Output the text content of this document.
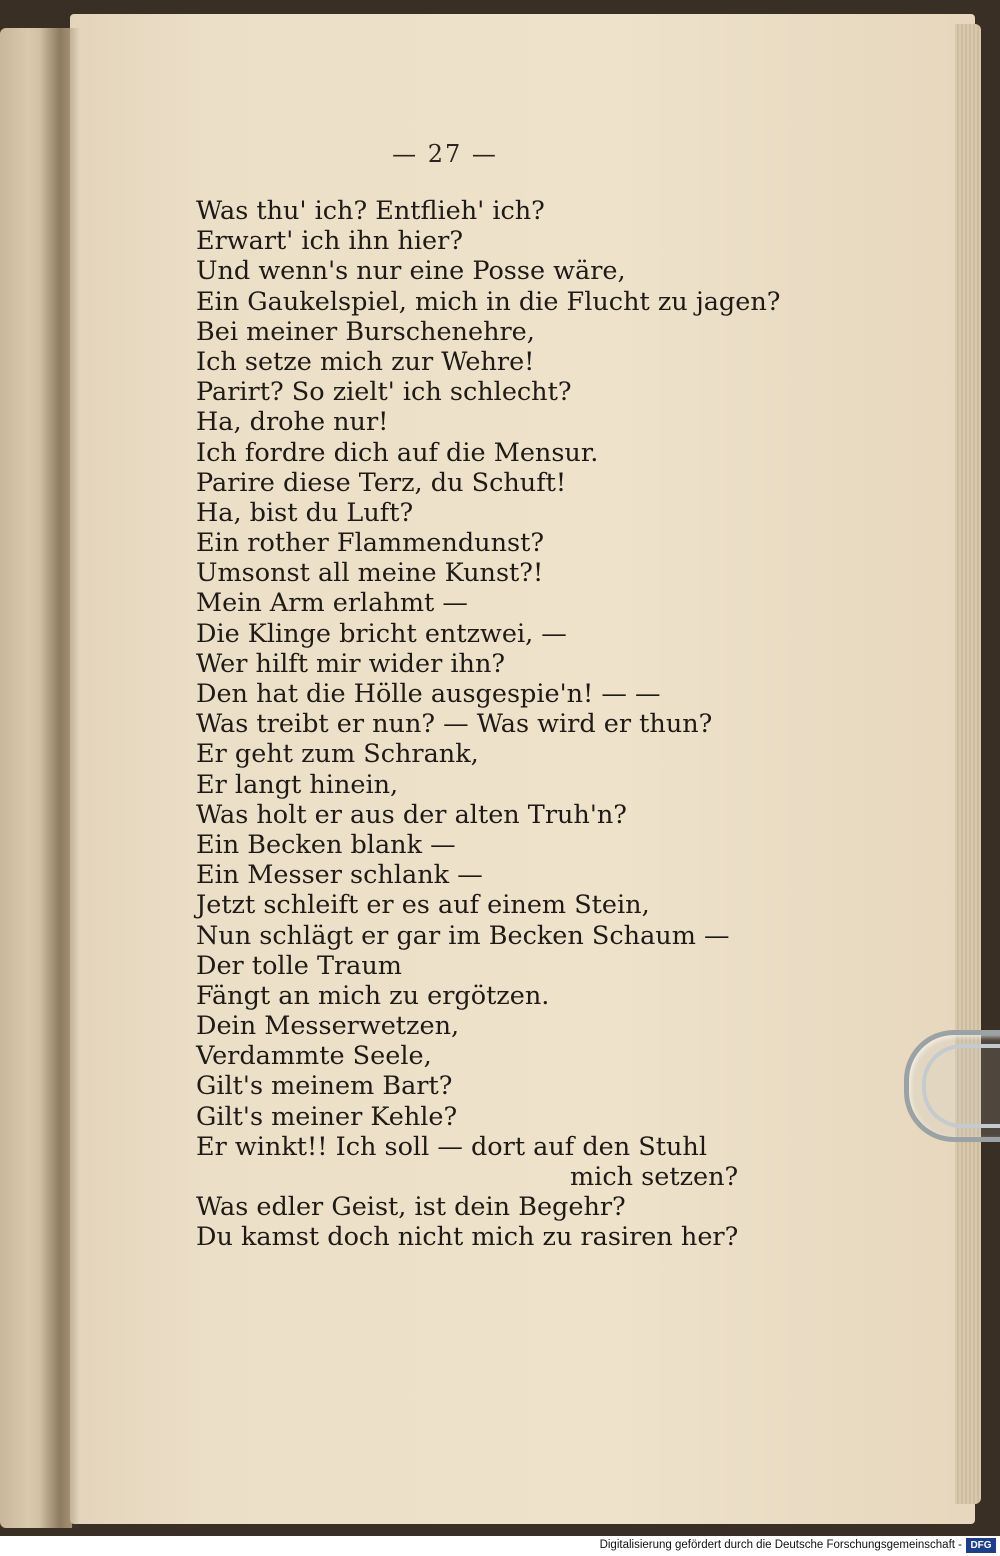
— 27 —
Was thu' ich? Entflieh' ich?
Erwart' ich ihn hier?
Und wenn's nur eine Posse wäre,
Ein Gaukelspiel, mich in die Flucht zu jagen?
Bei meiner Burschenehre,
Ich setze mich zur Wehre!
Parirt? So zielt' ich schlecht?
Ha, drohe nur!
Ich fordre dich auf die Mensur.
Parire diese Terz, du Schuft!
Ha, bist du Luft?
Ein rother Flammendunst?
Umsonst all meine Kunst?!
Mein Arm erlahmt —
Die Klinge bricht entzwei, —
Wer hilft mir wider ihn?
Den hat die Hölle ausgespie'n! — —
Was treibt er nun? — Was wird er thun?
Er geht zum Schrank,
Er langt hinein,
Was holt er aus der alten Truh'n?
Ein Becken blank —
Ein Messer schlank —
Jetzt schleift er es auf einem Stein,
Nun schlägt er gar im Becken Schaum —
Der tolle Traum
Fängt an mich zu ergötzen.
Dein Messerwetzen,
Verdammte Seele,
Gilt's meinem Bart?
Gilt's meiner Kehle?
Er winkt!! Ich soll — dort auf den Stuhl
mich setzen?
Was edler Geist, ist dein Begehr?
Du kamst doch nicht mich zu rasiren her?
Digitalisierung gefördert durch die Deutsche Forschungsgemeinschaft - DFG
